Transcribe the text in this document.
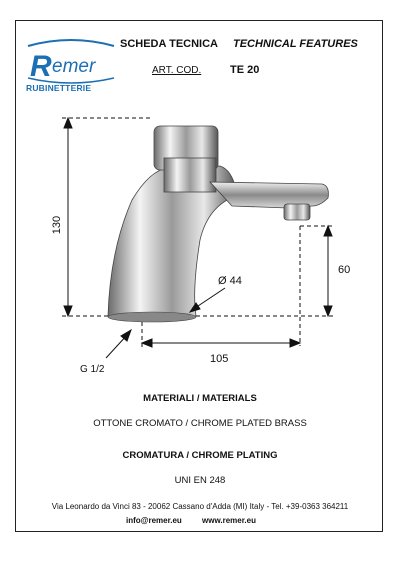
R emer
RUBINETTERIE
SCHEDA TECNICA TECHNICAL FEATURES
ART. COD.	TE 20
130
60
Ø 44
105
G 1/2
MATERIALI / MATERIALS
OTTONE CROMATO / CHROME PLATED BRASS
CROMATURA / CHROME PLATING
UNI EN 248
Via Leonardo da Vinci 83 - 20062 Cassano d'Adda (MI) Italy - Tel. +39-0363 364211
info@remer.eu	www.remer.eu
